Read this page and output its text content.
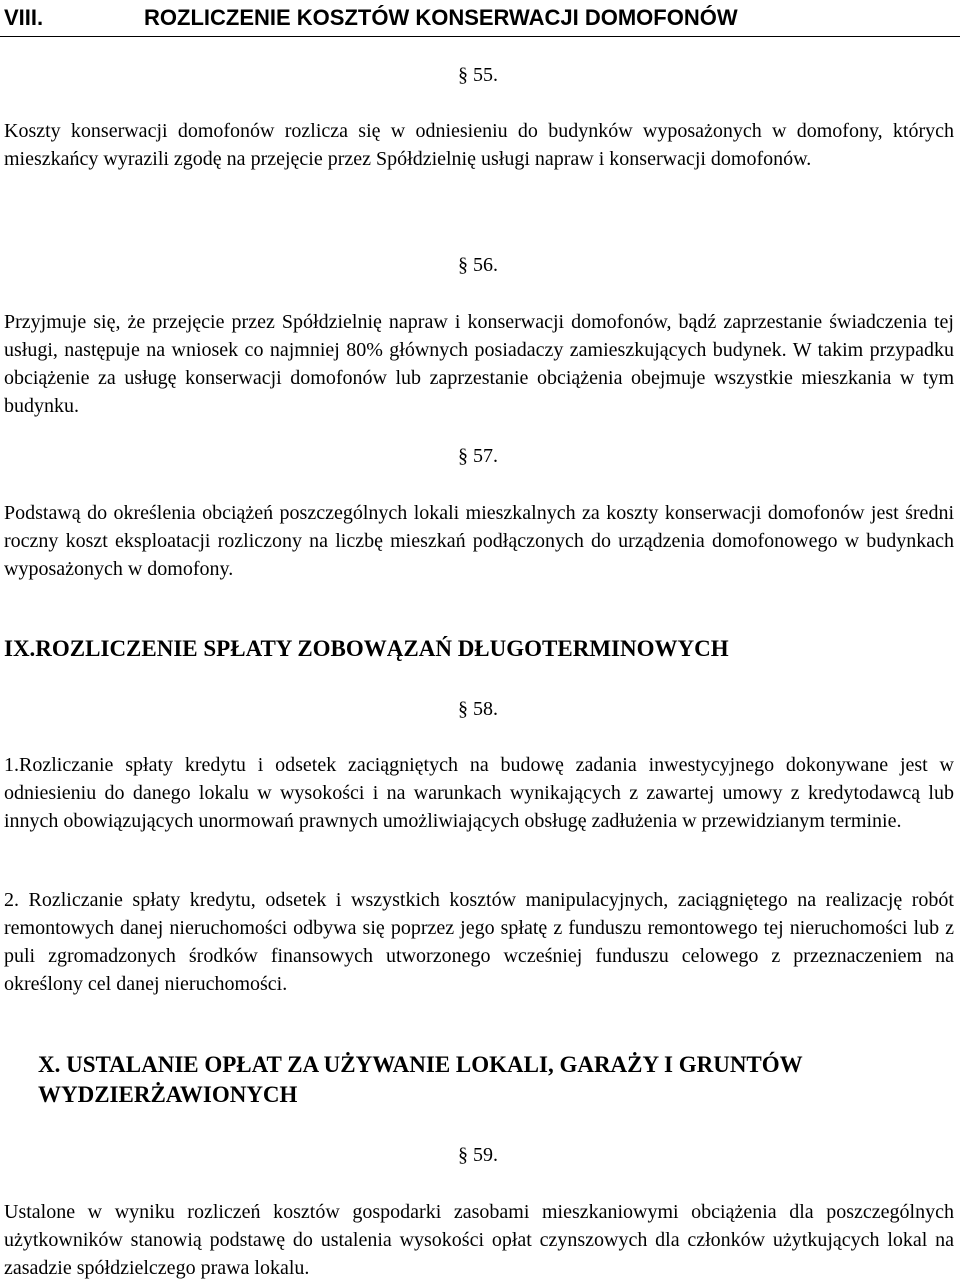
VIII.	ROZLICZENIE KOSZTÓW KONSERWACJI DOMOFONÓW
§ 55.
Koszty konserwacji domofonów rozlicza się w odniesieniu do budynków wyposażonych w domofony, których mieszkańcy wyrazili zgodę na przejęcie przez Spółdzielnię usługi napraw i konserwacji domofonów.
§ 56.
Przyjmuje się, że przejęcie przez Spółdzielnię napraw i konserwacji domofonów, bądź zaprzestanie świadczenia tej usługi, następuje na wniosek co najmniej 80% głównych posiadaczy zamieszkujących budynek. W takim przypadku obciążenie za usługę konserwacji domofonów lub zaprzestanie obciążenia obejmuje wszystkie mieszkania w tym budynku.
§ 57.
Podstawą do określenia obciążeń poszczególnych lokali mieszkalnych za koszty konserwacji domofonów jest średni roczny koszt eksploatacji rozliczony na liczbę mieszkań podłączonych do urządzenia domofonowego w budynkach wyposażonych w domofony.
IX.ROZLICZENIE SPŁATY ZOBOWĄZAŃ DŁUGOTERMINOWYCH
§ 58.
1.Rozliczanie spłaty kredytu i odsetek zaciągniętych na budowę zadania inwestycyjnego dokonywane jest w odniesieniu do danego lokalu w wysokości i na warunkach wynikających z zawartej umowy z kredytodawcą lub innych obowiązujących unormowań prawnych umożliwiających obsługę zadłużenia w przewidzianym terminie.
2. Rozliczanie spłaty kredytu, odsetek i wszystkich kosztów manipulacyjnych, zaciągniętego na realizację robót remontowych danej nieruchomości odbywa się poprzez jego spłatę z funduszu remontowego tej nieruchomości lub z puli zgromadzonych środków finansowych utworzonego wcześniej funduszu celowego z przeznaczeniem na określony cel danej nieruchomości.
X. USTALANIE OPŁAT ZA UŻYWANIE LOKALI, GARAŻY I GRUNTÓW
WYDZIERŻAWIONYCH
§ 59.
Ustalone w wyniku rozliczeń kosztów gospodarki zasobami mieszkaniowymi obciążenia dla poszczególnych użytkowników stanowią podstawę do ustalenia wysokości opłat czynszowych dla członków użytkujących lokal na zasadzie spółdzielczego prawa lokalu.
